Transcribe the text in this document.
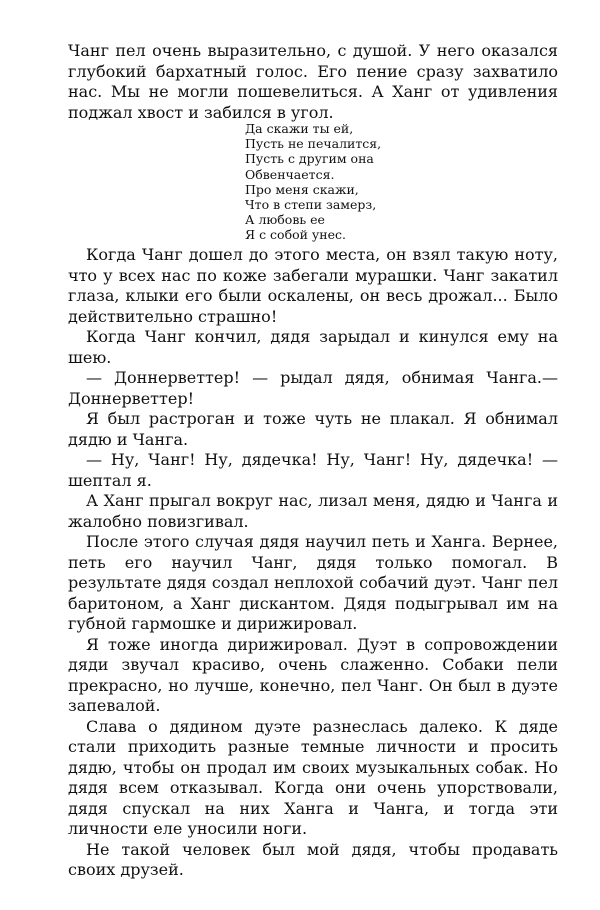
Чанг пел очень выразительно, с душой. У него оказался глубокий бархатный голос. Его пение сразу захватило нас. Мы не могли пошевелиться. А Ханг от удивления поджал хвост и забился в угол.

Да скажи ты ей,
Пусть не печалится,
Пусть с другим она
Обвенчается.
Про меня скажи,
Что в степи замерз,
А любовь ее
Я с собой унес.

Когда Чанг дошел до этого места, он взял такую ноту, что у всех нас по коже забегали мурашки. Чанг закатил глаза, клыки его были оскалены, он весь дрожал... Было действительно страшно!

Когда Чанг кончил, дядя зарыдал и кинулся ему на шею.

— Доннерветтер! — рыдал дядя, обнимая Чанга.— Доннерветтер!

Я был растроган и тоже чуть не плакал. Я обнимал дядю и Чанга.

— Ну, Чанг! Ну, дядечка! Ну, Чанг! Ну, дядечка! — шептал я.

А Ханг прыгал вокруг нас, лизал меня, дядю и Чанга и жалобно повизгивал.

После этого случая дядя научил петь и Ханга. Вернее, петь его научил Чанг, дядя только помогал. В результате дядя создал неплохой собачий дуэт. Чанг пел баритоном, а Ханг дискантом. Дядя подыгрывал им на губной гармошке и дирижировал.

Я тоже иногда дирижировал. Дуэт в сопровождении дяди звучал красиво, очень слаженно. Собаки пели прекрасно, но лучше, конечно, пел Чанг. Он был в дуэте запевалой.

Слава о дядином дуэте разнеслась далеко. К дяде стали приходить разные темные личности и просить дядю, чтобы он продал им своих музыкальных собак. Но дядя всем отказывал. Когда они очень упорствовали, дядя спускал на них Ханга и Чанга, и тогда эти личности еле уносили ноги.

Не такой человек был мой дядя, чтобы продавать своих друзей.
